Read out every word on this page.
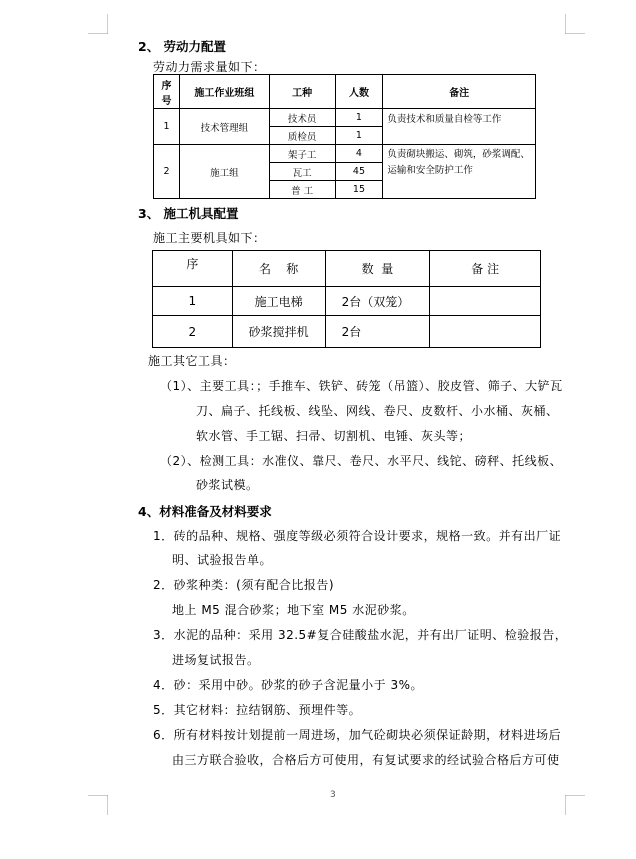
2、 劳动力配置
劳动力需求量如下：
序号	施工作业班组	工种	人数	备注
1	技术管理组	技术员	1	负责技术和质量自检等工作
		质检员	1	
2	施工组	架子工	4	负责砌块搬运、砌筑，砂浆调配、运输和安全防护工作
		瓦工	45	
		普 工	15	
3、 施工机具配置
施工主要机具如下：
序	名    称	数  量	备 注
1	施工电梯	2台（双笼）	
2	砂浆搅拌机	2台	
施工其它工具：
（1）、主要工具：；手推车、铁铲、砖笼（吊篮）、胶皮管、筛子、大铲瓦
刀、扁子、托线板、线坠、网线、卷尺、皮数杆、小水桶、灰桶、
软水管、手工锯、扫帚、切割机、电锤、灰头等；
（2）、检测工具：水准仪、靠尺、卷尺、水平尺、线铊、磅秤、托线板、
砂浆试模。
4、材料准备及材料要求
1．砖的品种、规格、强度等级必须符合设计要求，规格一致。并有出厂证
明、试验报告单。
2．砂浆种类：(须有配合比报告)
地上 M5 混合砂浆；地下室 M5 水泥砂浆。
3．水泥的品种：采用 32.5#复合硅酸盐水泥，并有出厂证明、检验报告，
进场复试报告。
4．砂：采用中砂。砂浆的砂子含泥量小于 3%。
5．其它材料：拉结钢筋、预埋件等。
6．所有材料按计划提前一周进场，加气砼砌块必须保证龄期，材料进场后
由三方联合验收，合格后方可使用，有复试要求的经试验合格后方可使
3
